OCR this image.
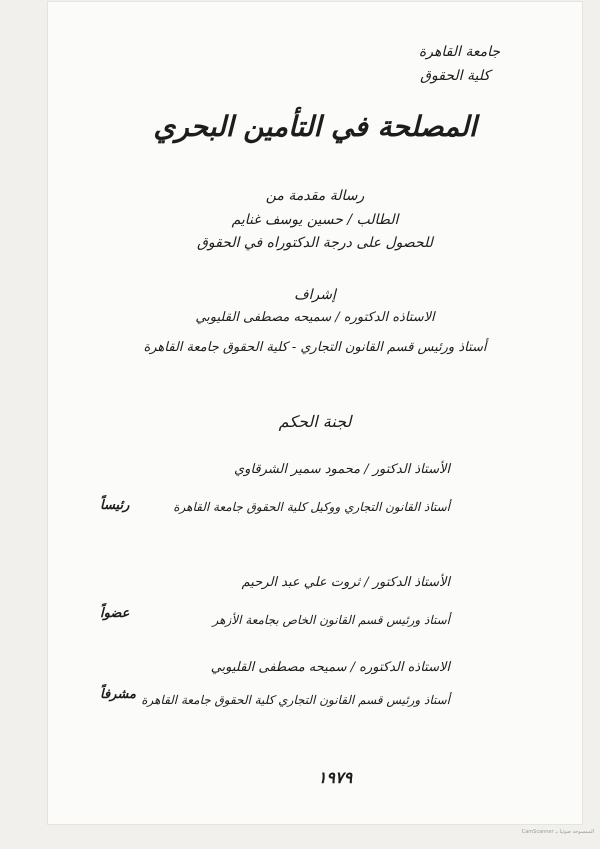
جامعة القاهرة
كلية الحقوق
المصلحة في التأمين البحري
رسالة مقدمة من
الطالب / حسين يوسف غنايم
للحصول على درجة الدكتوراه في الحقوق
إشراف
الاستاذه الدكتوره / سميحه مصطفى القليوبي
أستاذ ورئيس قسم القانون التجاري - كلية الحقوق جامعة القاهرة
لجنة الحكم
الأستاذ الدكتور / محمود سمير الشرقاوي
أستاذ القانون التجاري ووكيل كلية الحقوق جامعة القاهرة
رئيساً
الأستاذ الدكتور / ثروت علي عبد الرحيم
أستاذ ورئيس قسم القانون الخاص بجامعة الأزهر
عضواً
الاستاذه الدكتوره / سميحه مصطفى القليوبي
أستاذ ورئيس قسم القانون التجاري كلية الحقوق جامعة القاهرة
مشرفاً
١٩٧٩
CamScanner الممسوحة ضوئيا بـ
